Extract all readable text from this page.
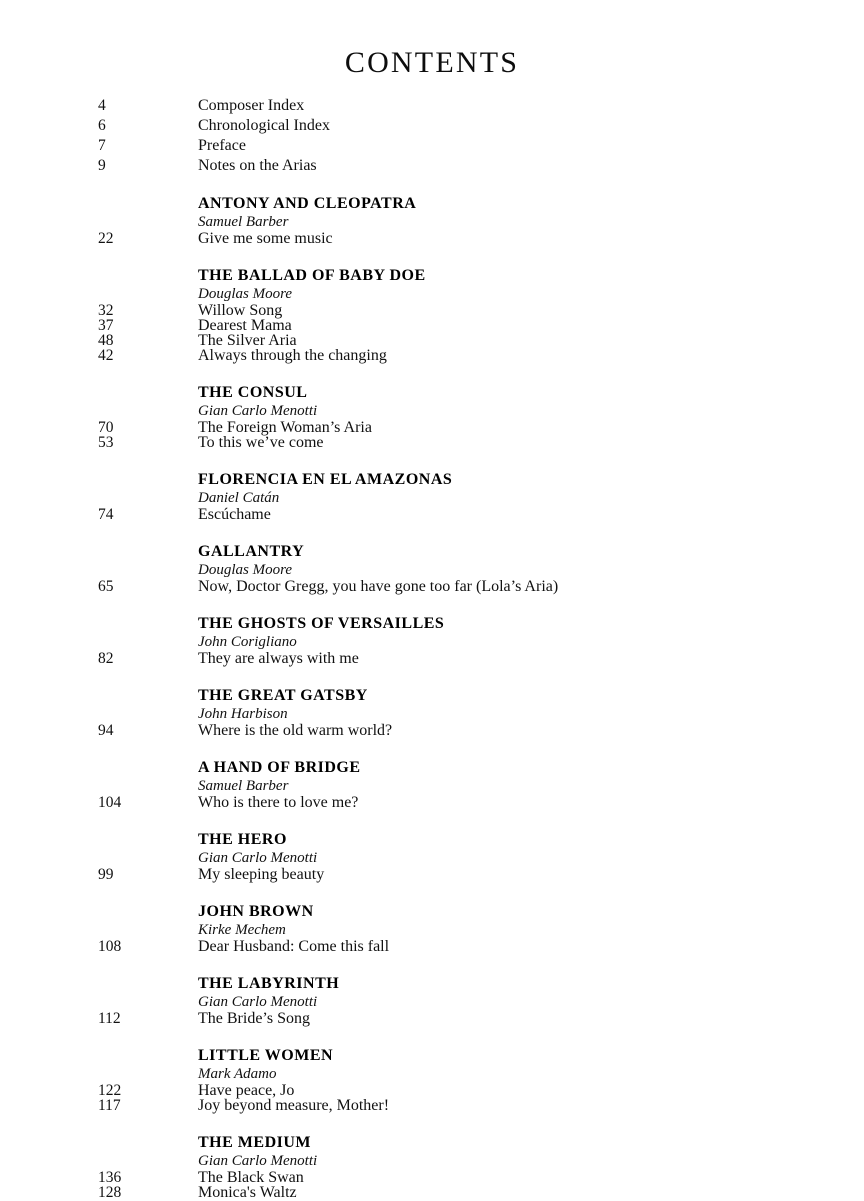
CONTENTS
4	Composer Index
6	Chronological Index
7	Preface
9	Notes on the Arias
ANTONY AND CLEOPATRA
Samuel Barber
22	Give me some music
THE BALLAD OF BABY DOE
Douglas Moore
32	Willow Song
37	Dearest Mama
48	The Silver Aria
42	Always through the changing
THE CONSUL
Gian Carlo Menotti
70	The Foreign Woman’s Aria
53	To this we’ve come
FLORENCIA EN EL AMAZONAS
Daniel Catán
74	Escúchame
GALLANTRY
Douglas Moore
65	Now, Doctor Gregg, you have gone too far (Lola’s Aria)
THE GHOSTS OF VERSAILLES
John Corigliano
82	They are always with me
THE GREAT GATSBY
John Harbison
94	Where is the old warm world?
A HAND OF BRIDGE
Samuel Barber
104	Who is there to love me?
THE HERO
Gian Carlo Menotti
99	My sleeping beauty
JOHN BROWN
Kirke Mechem
108	Dear Husband: Come this fall
THE LABYRINTH
Gian Carlo Menotti
112	The Bride’s Song
LITTLE WOMEN
Mark Adamo
122	Have peace, Jo
117	Joy beyond measure, Mother!
THE MEDIUM
Gian Carlo Menotti
136	The Black Swan
128	Monica's Waltz
